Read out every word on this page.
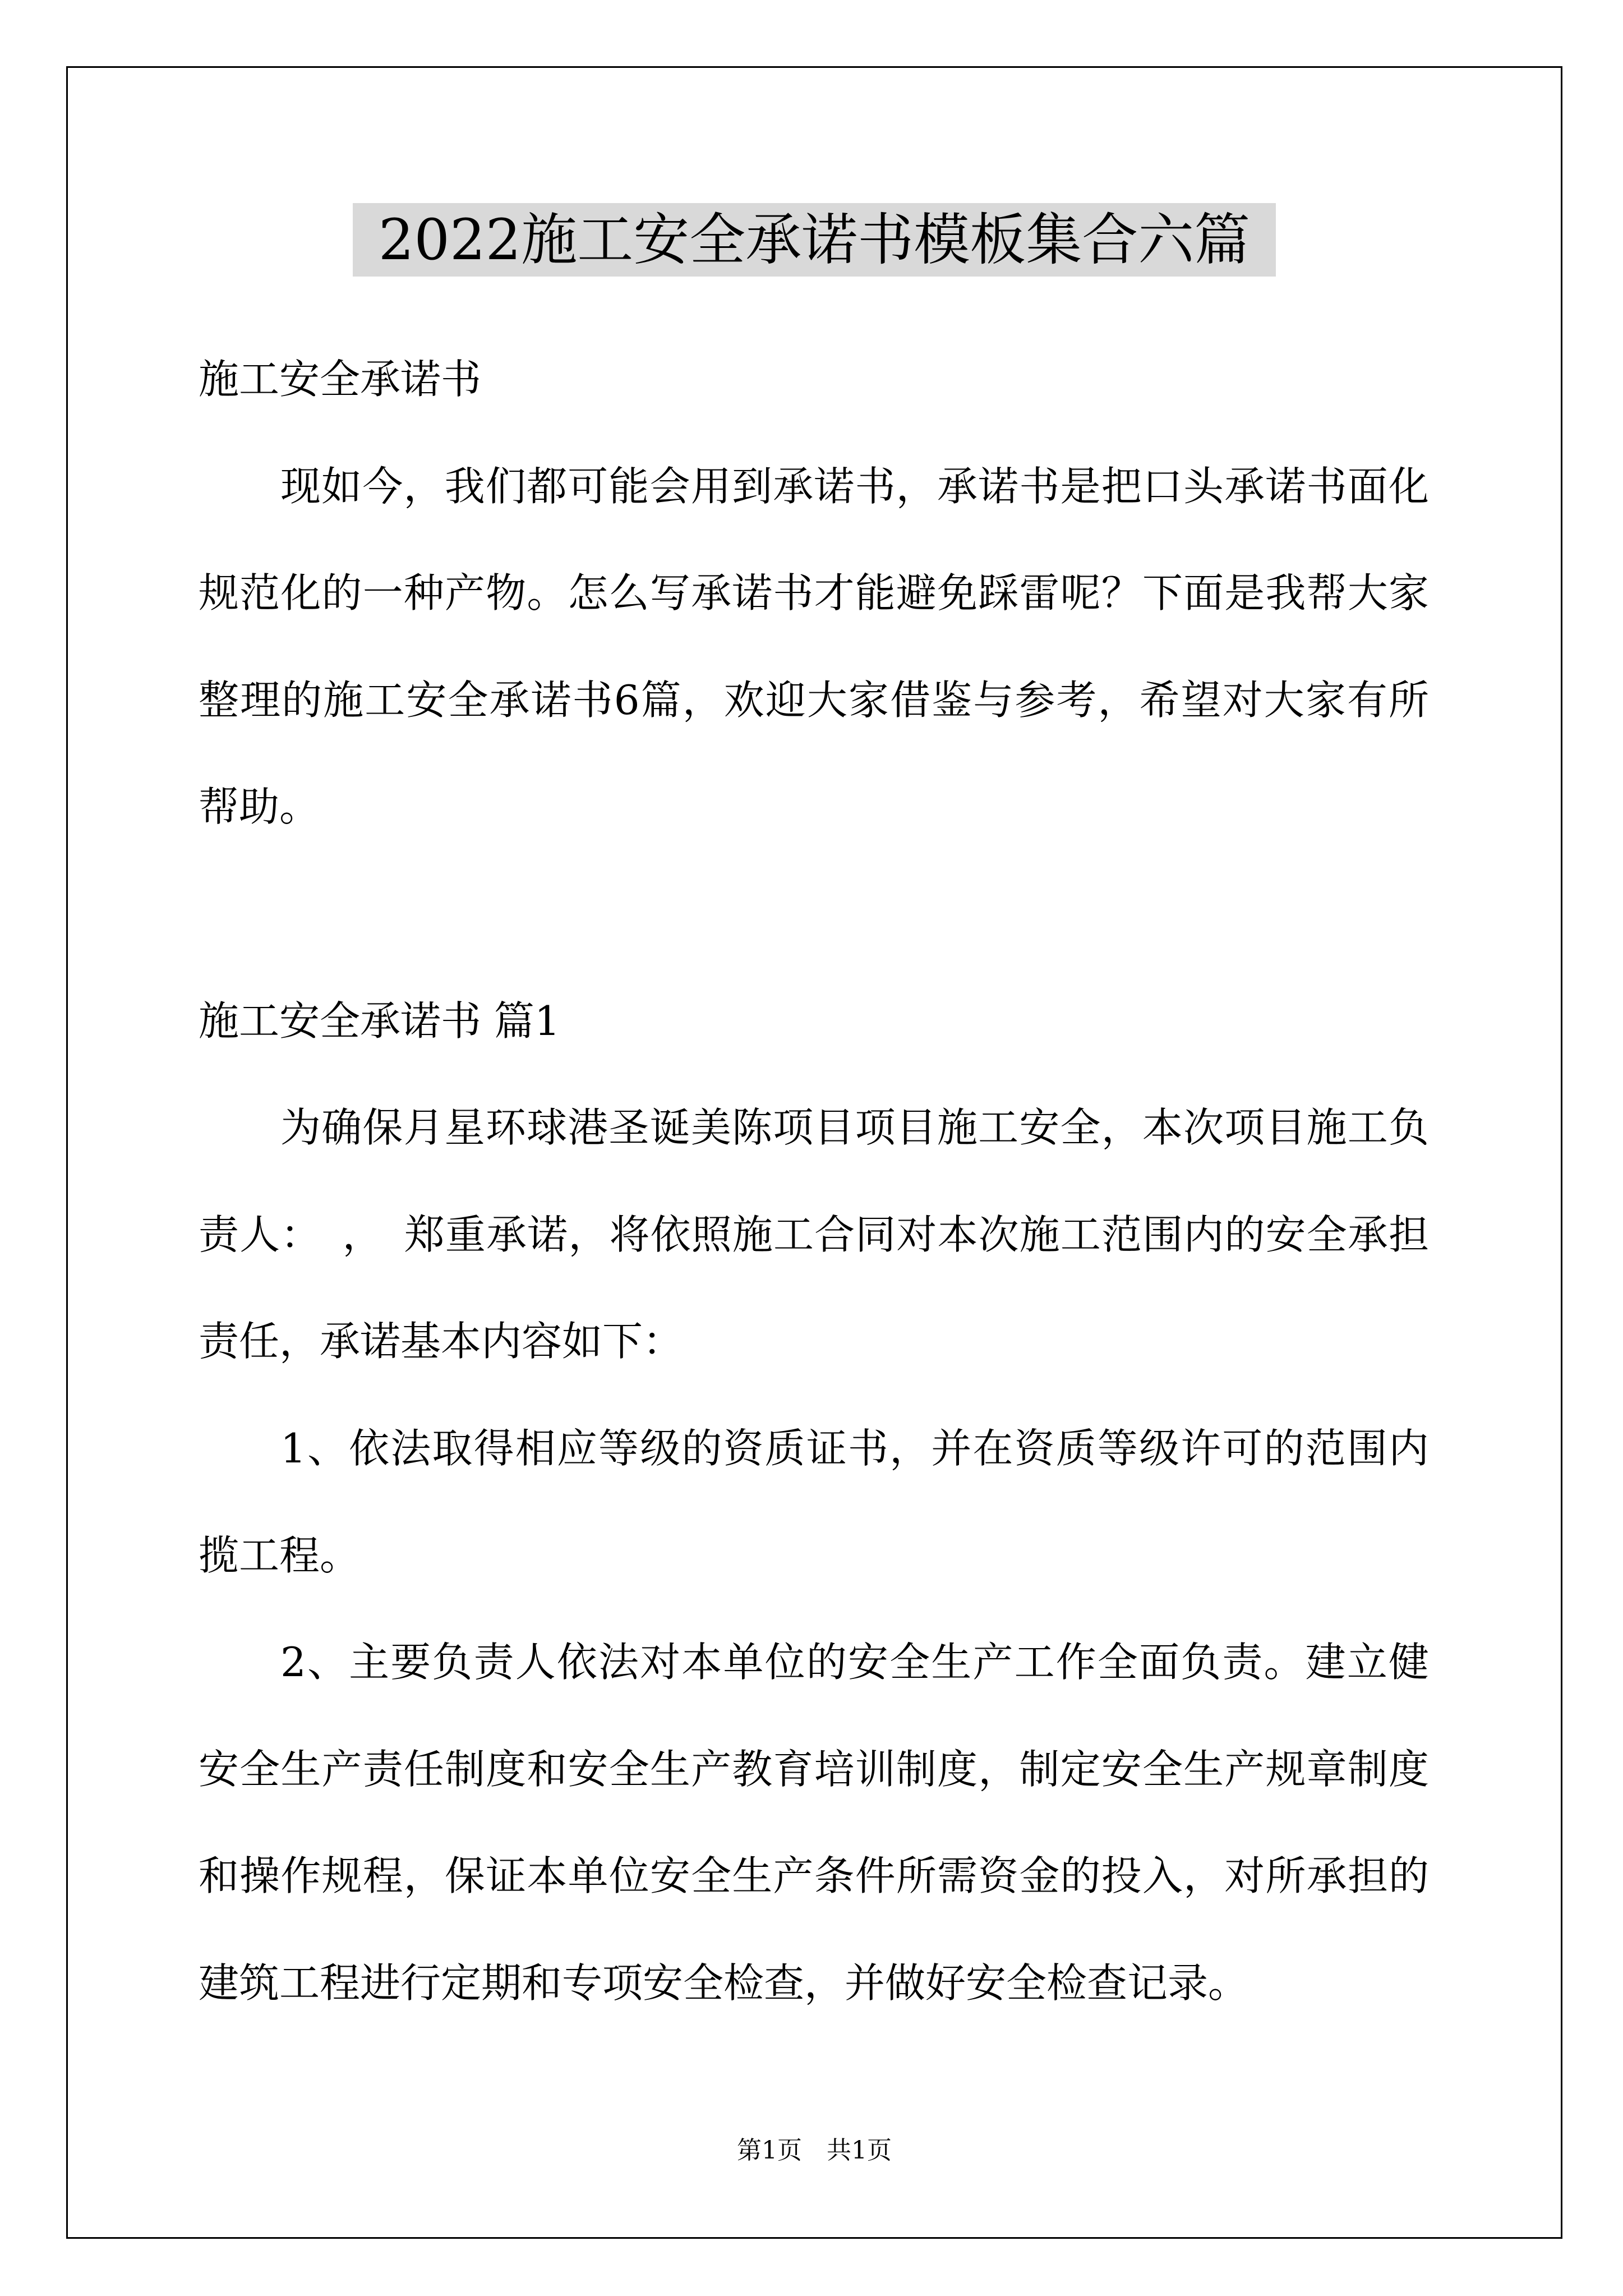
2022施工安全承诺书模板集合六篇
施工安全承诺书
现如今，我们都可能会用到承诺书，承诺书是把口头承诺书面化
规范化的一种产物。怎么写承诺书才能避免踩雷呢？下面是我帮大家
整理的施工安全承诺书6篇，欢迎大家借鉴与参考，希望对大家有所
帮助。
施工安全承诺书 篇1
为确保月星环球港圣诞美陈项目项目施工安全，本次项目施工负
责人：　，　郑重承诺，将依照施工合同对本次施工范围内的安全承担
责任，承诺基本内容如下：
1、依法取得相应等级的资质证书，并在资质等级许可的范围内
揽工程。
2、主要负责人依法对本单位的安全生产工作全面负责。建立健
安全生产责任制度和安全生产教育培训制度，制定安全生产规章制度
和操作规程，保证本单位安全生产条件所需资金的投入，对所承担的
建筑工程进行定期和专项安全检查，并做好安全检查记录。
第1页　共1页
